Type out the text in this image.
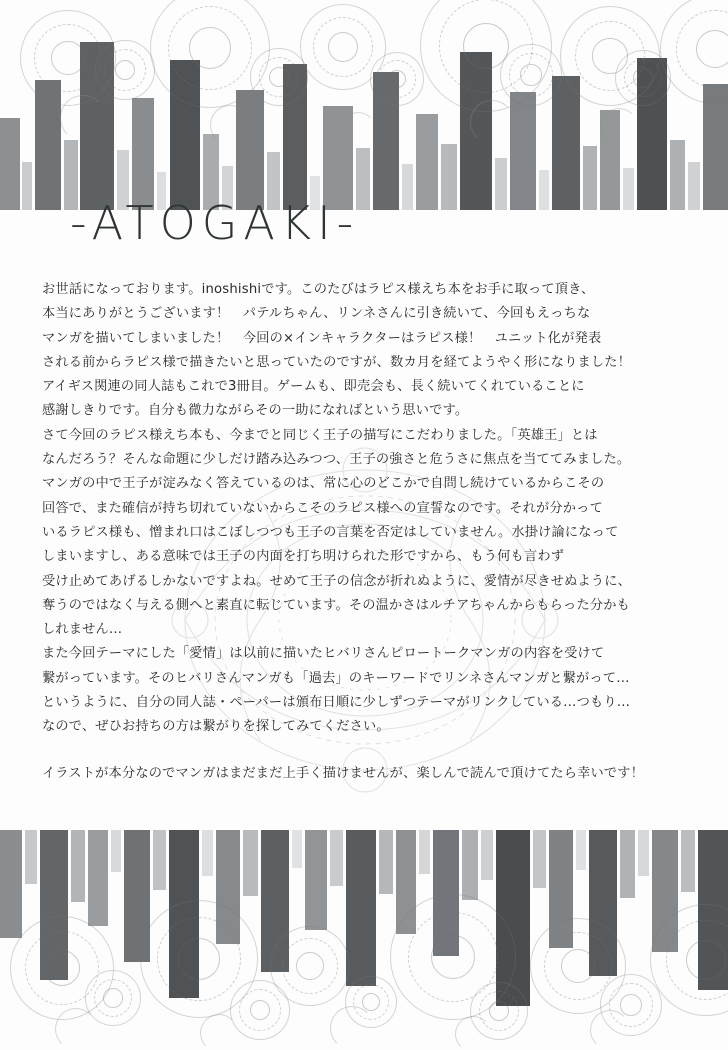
-ATOGAKI-

お世話になっております。inoshishiです。このたびはラピス様えち本をお手に取って頂き、

本当にありがとうございます！　パテルちゃん、リンネさんに引き続いて、今回もえっちな

マンガを描いてしまいました！　今回の×インキャラクターはラピス様！　ユニット化が発表

される前からラピス様で描きたいと思っていたのですが、数カ月を経てようやく形になりました！

アイギス関連の同人誌もこれで3冊目。ゲームも、即売会も、長く続いてくれていることに

感謝しきりです。自分も微力ながらその一助になればという思いです。

さて今回のラピス様えち本も、今までと同じく王子の描写にこだわりました。「英雄王」とは

なんだろう？そんな命題に少しだけ踏み込みつつ、王子の強さと危うさに焦点を当ててみました。

マンガの中で王子が淀みなく答えているのは、常に心のどこかで自問し続けているからこその

回答で、また確信が持ち切れていないからこそのラピス様への宣誓なのです。それが分かって

いるラピス様も、憎まれ口はこぼしつつも王子の言葉を否定はしていません。水掛け論になって

しまいますし、ある意味では王子の内面を打ち明けられた形ですから、もう何も言わず

受け止めてあげるしかないですよね。せめて王子の信念が折れぬように、愛情が尽きせぬように、

奪うのではなく与える側へと素直に転じています。その温かさはルチアちゃんからもらった分かも

しれません…

また今回テーマにした「愛情」は以前に描いたヒバリさんピロートークマンガの内容を受けて

繋がっています。そのヒバリさんマンガも「過去」のキーワードでリンネさんマンガと繋がって…

というように、自分の同人誌・ペーパーは頒布日順に少しずつテーマがリンクしている…つもり…

なので、ぜひお持ちの方は繋がりを探してみてください。

イラストが本分なのでマンガはまだまだ上手く描けませんが、楽しんで読んで頂けてたら幸いです！
